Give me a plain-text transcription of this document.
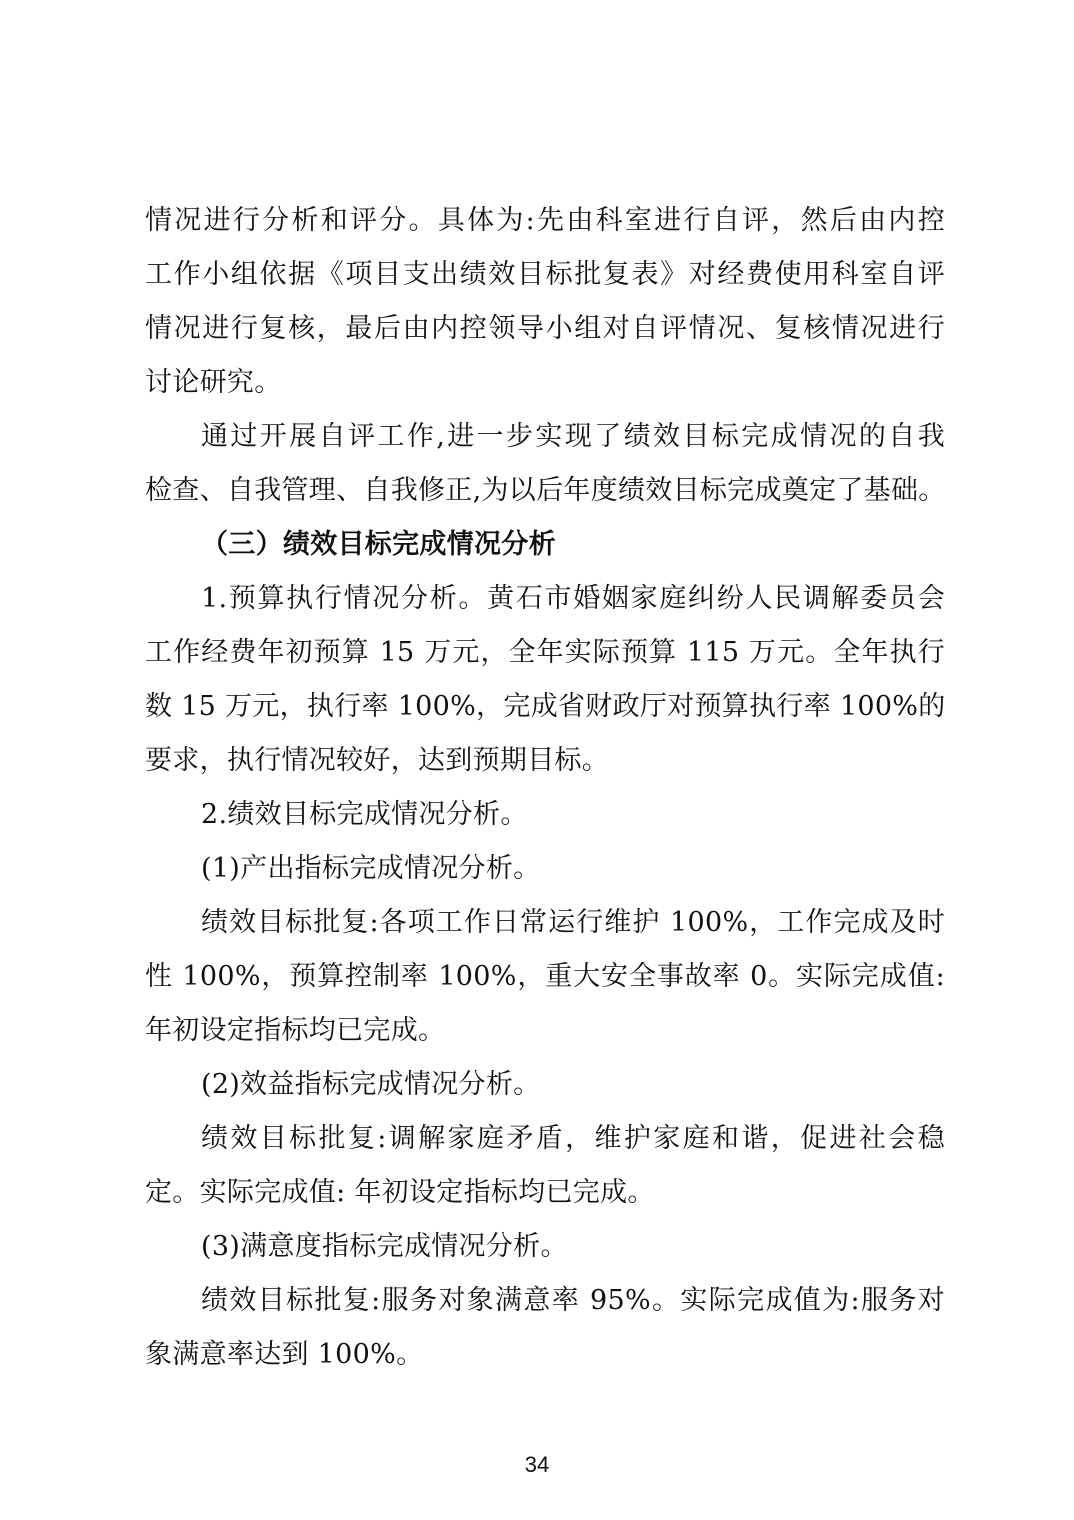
情况进行分析和评分。具体为:先由科室进行自评，然后由内控
工作小组依据《项目支出绩效目标批复表》对经费使用科室自评
情况进行复核，最后由内控领导小组对自评情况、复核情况进行
讨论研究。
通过开展自评工作,进一步实现了绩效目标完成情况的自我
检查、自我管理、自我修正,为以后年度绩效目标完成奠定了基础。
（三）绩效目标完成情况分析
1.预算执行情况分析。黄石市婚姻家庭纠纷人民调解委员会
工作经费年初预算 15 万元，全年实际预算 115 万元。全年执行
数 15 万元，执行率 100%，完成省财政厅对预算执行率 100%的
要求，执行情况较好，达到预期目标。
2.绩效目标完成情况分析。
(1)产出指标完成情况分析。
绩效目标批复:各项工作日常运行维护 100%，工作完成及时
性 100%，预算控制率 100%，重大安全事故率 0。实际完成值:
年初设定指标均已完成。
(2)效益指标完成情况分析。
绩效目标批复:调解家庭矛盾，维护家庭和谐，促进社会稳
定。实际完成值: 年初设定指标均已完成。
(3)满意度指标完成情况分析。
绩效目标批复:服务对象满意率 95%。实际完成值为:服务对
象满意率达到 100%。
34
